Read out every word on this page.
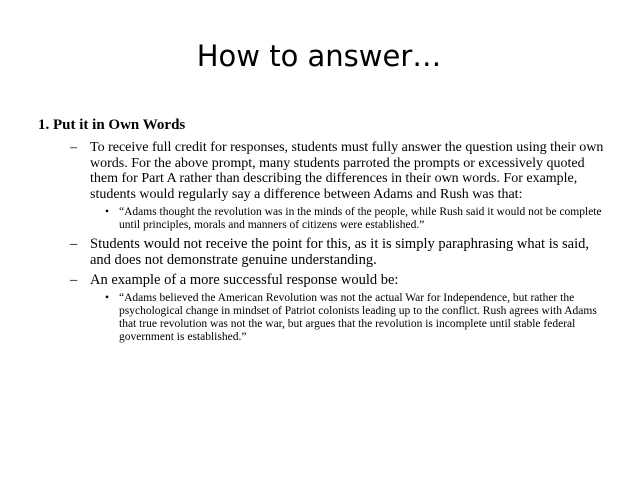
How to answer…
1. Put it in Own Words
– To receive full credit for responses, students must fully answer the question using their own words. For the above prompt, many students parroted the prompts or excessively quoted them for Part A rather than describing the differences in their own words. For example, students would regularly say a difference between Adams and Rush was that:
• “Adams thought the revolution was in the minds of the people, while Rush said it would not be complete until principles, morals and manners of citizens were established.”
– Students would not receive the point for this, as it is simply paraphrasing what is said, and does not demonstrate genuine understanding.
– An example of a more successful response would be:
• “Adams believed the American Revolution was not the actual War for Independence, but rather the psychological change in mindset of Patriot colonists leading up to the conflict. Rush agrees with Adams that true revolution was not the war, but argues that the revolution is incomplete until stable federal government is established.”
